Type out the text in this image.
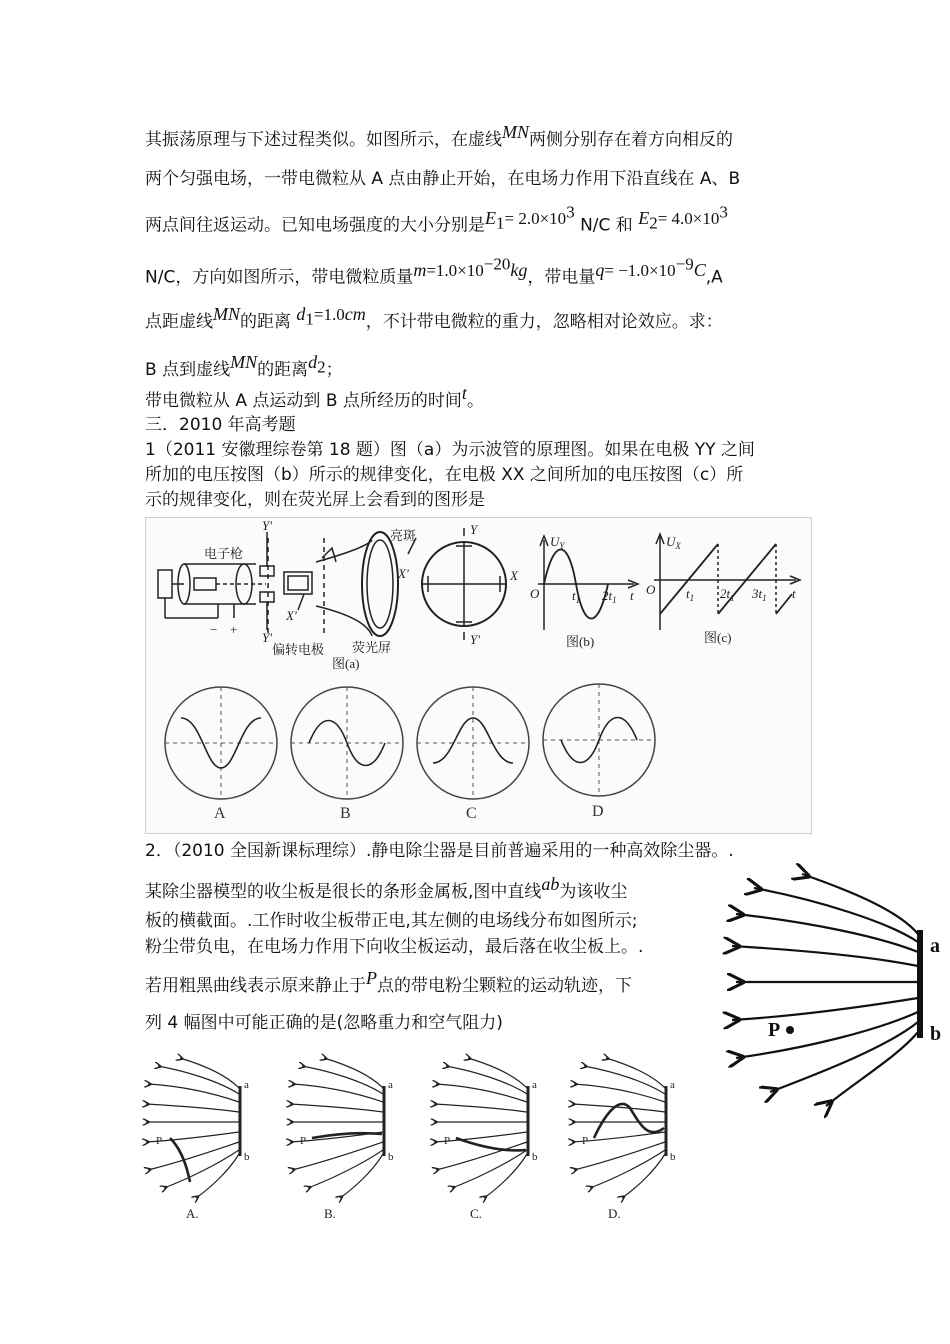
其振荡原理与下述过程类似。如图所示，在虚线MN两侧分别存在着方向相反的
两个匀强电场，一带电微粒从 A 点由静止开始，在电场力作用下沿直线在 A、B
两点间往返运动。已知电场强度的大小分别是$E_1= 2.0\times 10^3$ N/C 和 $E_2= 4.0\times 10^3$
N/C，方向如图所示，带电微粒质量$m=1.0\times 10^{-20}kg$，带电量$q= -1.0\times 10^{-9}C,A$
点距虚线MN的距离 $d_1=1.0cm$，不计带电微粒的重力，忽略相对论效应。求：
B 点到虚线MN的距离$d_2$；
带电微粒从 A 点运动到 B 点所经历的时间t。
三．2010 年高考题
1（2011 安徽理综卷第 18 题）图（a）为示波管的原理图。如果在电极 YY 之间
所加的电压按图（b）所示的规律变化，在电极 XX 之间所加的电压按图（c）所
示的规律变化，则在荧光屏上会看到的图形是
电子枪
偏转电极 荧光屏
亮斑
图(a)
Y'
Y'
X'
X'	X
Y
Y'
− +
$U_Y$
O	$t_1$ $2t_1$ t
图(b)
$U_X$
O $t_1$ $2t_1$ $3t_1$ t
图(c)
A	B	C	D
2．（2010 全国新课标理综）.静电除尘器是目前普遍采用的一种高效除尘器。.
某除尘器模型的收尘板是很长的条形金属板,图中直线ab为该收尘
板的横截面。.工作时收尘板带正电,其左侧的电场线分布如图所示;
粉尘带负电，在电场力作用下向收尘板运动，最后落在收尘板上。.
若用粗黑曲线表示原来静止于P点的带电粉尘颗粒的运动轨迹，下
列 4 幅图中可能正确的是(忽略重力和空气阻力)
a
b
P
a
b
P
A.
a
b
P
B.
a
b
P
C.
a
b
P
D.
